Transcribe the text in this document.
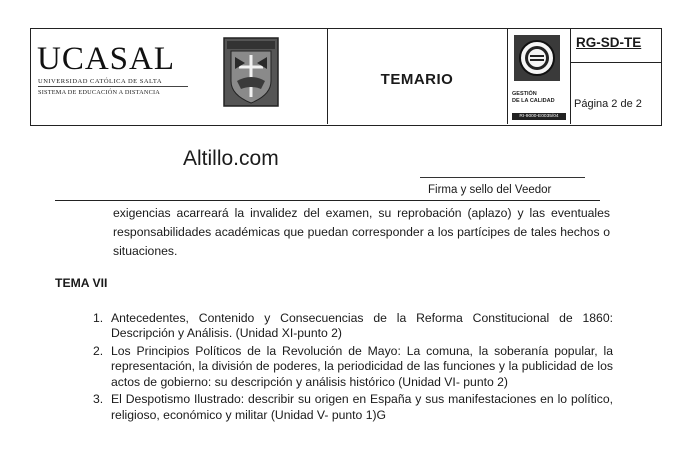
UCASAL
UNIVERSIDAD CATÓLICA DE SALTA
SISTEMA DE EDUCACIÓN A DISTANCIA
TEMARIO
GESTIÓN
DE LA CALIDAD
RI-9000-E0035/04
RG-SD-TE
Página 2 de 2
Altillo.com
Firma y sello del Veedor

exigencias acarreará la invalidez del examen, su reprobación (aplazo) y las eventuales responsabilidades académicas que puedan corresponder a los partícipes de tales hechos o situaciones.

TEMA VII

1. Antecedentes, Contenido y Consecuencias de la Reforma Constitucional de 1860: Descripción y Análisis. (Unidad XI-punto 2)
2. Los Principios Políticos de la Revolución de Mayo: La comuna, la soberanía popular, la representación, la división de poderes, la periodicidad de las funciones y la publicidad de los actos de gobierno: su descripción y análisis histórico (Unidad VI- punto 2)
3. El Despotismo Ilustrado: describir su origen en España y sus manifestaciones en lo político, religioso, económico y militar (Unidad V- punto 1)G
